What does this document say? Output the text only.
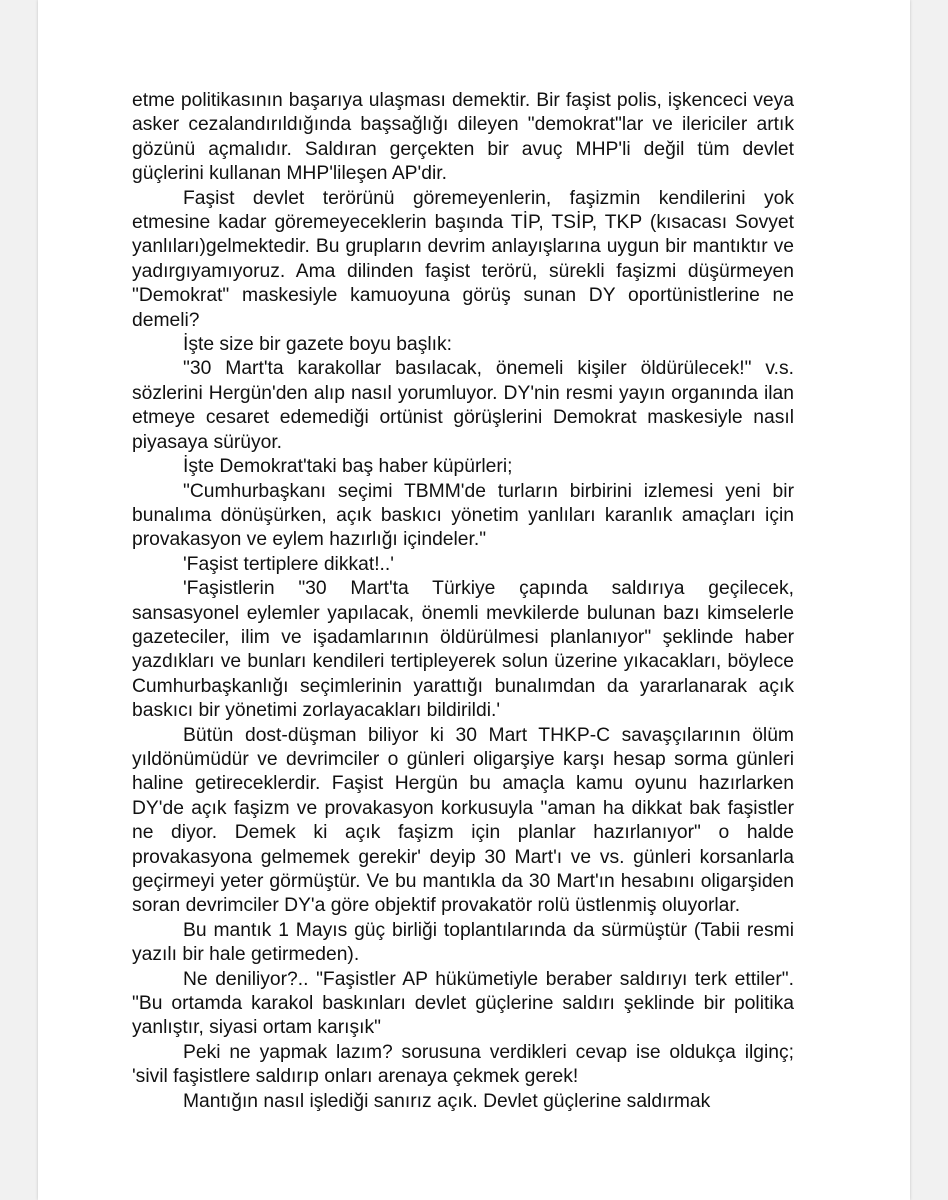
etme politikasının başarıya ulaşması demektir. Bir faşist polis, işkenceci veya asker cezalandırıldığında başsağlığı dileyen "demokrat"lar ve ilericiler artık gözünü açmalıdır. Saldıran gerçekten bir avuç MHP'li değil tüm devlet güçlerini kullanan MHP'lileşen AP'dir.

Faşist devlet terörünü göremeyenlerin, faşizmin kendilerini yok etmesine kadar göremeyeceklerin başında TİP, TSİP, TKP (kısacası Sovyet yanlıları)gelmektedir. Bu grupların devrim anlayışlarına uygun bir mantıktır ve yadırgıyamıyoruz. Ama dilinden faşist terörü, sürekli faşizmi düşürmeyen "Demokrat" maskesiyle kamuoyuna görüş sunan DY oportünistlerine ne demeli?

İşte size bir gazete boyu başlık:

"30 Mart'ta karakollar basılacak, önemeli kişiler öldürülecek!" v.s. sözlerini Hergün'den alıp nasıl yorumluyor. DY'nin resmi yayın organında ilan etmeye cesaret edemediği ortünist görüşlerini Demokrat maskesiyle nasıl piyasaya sürüyor.

İşte Demokrat'taki baş haber küpürleri;

"Cumhurbaşkanı seçimi TBMM'de turların birbirini izlemesi yeni bir bunalıma dönüşürken, açık baskıcı yönetim yanlıları karanlık amaçları için provakasyon ve eylem hazırlığı içindeler."

'Faşist tertiplere dikkat!..'

'Faşistlerin "30 Mart'ta Türkiye çapında saldırıya geçilecek, sansasyonel eylemler yapılacak, önemli mevkilerde bulunan bazı kimselerle gazeteciler, ilim ve işadamlarının öldürülmesi planlanıyor" şeklinde haber yazdıkları ve bunları kendileri tertipleyerek solun üzerine yıkacakları, böylece Cumhurbaşkanlığı seçimlerinin yarattığı bunalımdan da yararlanarak açık baskıcı bir yönetimi zorlayacakları bildirildi.'

Bütün dost-düşman biliyor ki 30 Mart THKP-C savaşçılarının ölüm yıldönümüdür ve devrimciler o günleri oligarşiye karşı hesap sorma günleri haline getireceklerdir. Faşist Hergün bu amaçla kamu oyunu hazırlarken DY'de açık faşizm ve provakasyon korkusuyla "aman ha dikkat bak faşistler ne diyor. Demek ki açık faşizm için planlar hazırlanıyor" o halde provakasyona gelmemek gerekir' deyip 30 Mart'ı ve vs. günleri korsanlarla geçirmeyi yeter görmüştür. Ve bu mantıkla da 30 Mart'ın hesabını oligarşiden soran devrimciler DY'a göre objektif provakatör rolü üstlenmiş oluyorlar.

Bu mantık 1 Mayıs güç birliği toplantılarında da sürmüştür (Tabii resmi yazılı bir hale getirmeden).

Ne deniliyor?.. "Faşistler AP hükümetiyle beraber saldırıyı terk ettiler". "Bu ortamda karakol baskınları devlet güçlerine saldırı şeklinde bir politika yanlıştır, siyasi ortam karışık"

Peki ne yapmak lazım? sorusuna verdikleri cevap ise oldukça ilginç; 'sivil faşistlere saldırıp onları arenaya çekmek gerek!

Mantığın nasıl işlediği sanırız açık. Devlet güçlerine saldırmak
